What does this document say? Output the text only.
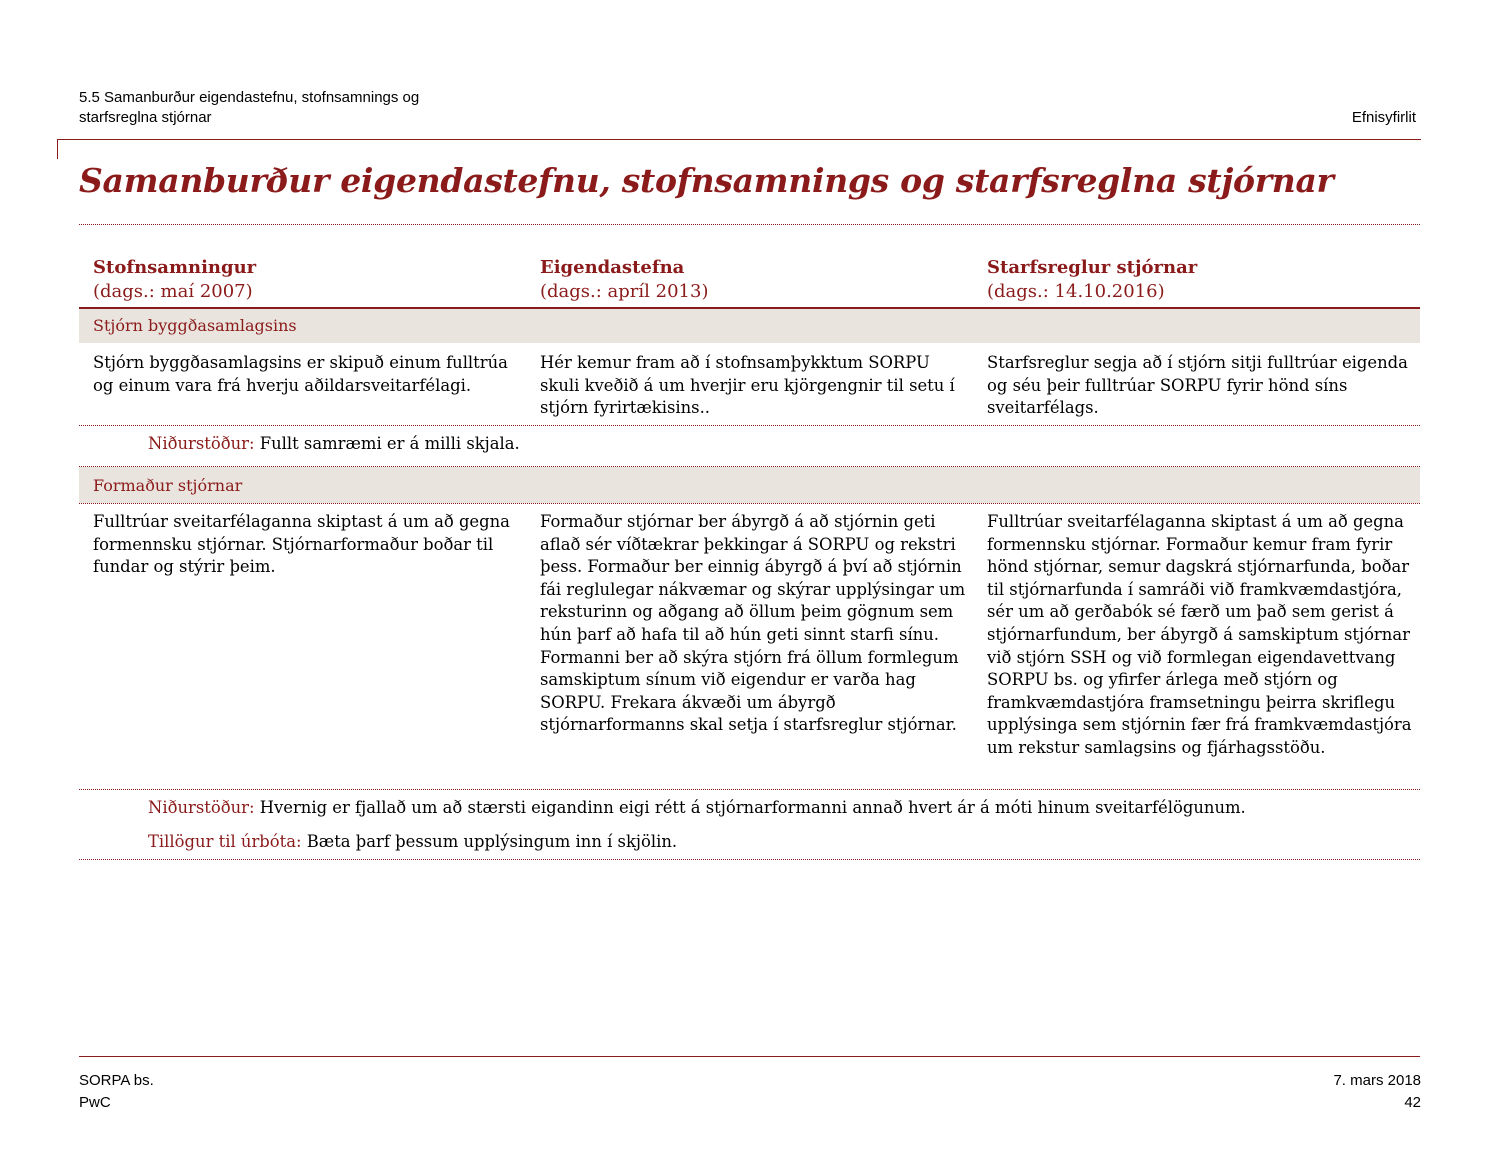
5.5 Samanburður eigendastefnu, stofnsamnings og
starfsreglna stjórnar	Efnisyfirlit
Samanburður eigendastefnu, stofnsamnings og starfsreglna stjórnar
Stofnsamningur
(dags.: maí 2007)
Eigendastefna
(dags.: apríl 2013)
Starfsreglur stjórnar
(dags.: 14.10.2016)
Stjórn byggðasamlagsins
Stjórn byggðasamlagsins er skipuð einum fulltrúa og einum vara frá hverju aðildarsveitarfélagi.
Hér kemur fram að í stofnsamþykktum SORPU skuli kveðið á um hverjir eru kjörgengnir til setu í stjórn fyrirtækisins..
Starfsreglur segja að í stjórn sitji fulltrúar eigenda og séu þeir fulltrúar SORPU fyrir hönd síns sveitarfélags.
Niðurstöður: Fullt samræmi er á milli skjala.
Formaður stjórnar
Fulltrúar sveitarfélaganna skiptast á um að gegna formennsku stjórnar. Stjórnarformaður boðar til fundar og stýrir þeim.
Formaður stjórnar ber ábyrgð á að stjórnin geti aflað sér víðtækrar þekkingar á SORPU og rekstri þess. Formaður ber einnig ábyrgð á því að stjórnin fái reglulegar nákvæmar og skýrar upplýsingar um reksturinn og aðgang að öllum þeim gögnum sem hún þarf að hafa til að hún geti sinnt starfi sínu. Formanni ber að skýra stjórn frá öllum formlegum samskiptum sínum við eigendur er varða hag SORPU. Frekara ákvæði um ábyrgð stjórnarformanns skal setja í starfsreglur stjórnar.
Fulltrúar sveitarfélaganna skiptast á um að gegna formennsku stjórnar. Formaður kemur fram fyrir hönd stjórnar, semur dagskrá stjórnarfunda, boðar til stjórnarfunda í samráði við framkvæmdastjóra, sér um að gerðabók sé færð um það sem gerist á stjórnarfundum, ber ábyrgð á samskiptum stjórnar við stjórn SSH og við formlegan eigendavettvang SORPU bs. og yfirfer árlega með stjórn og framkvæmdastjóra framsetningu þeirra skriflegu upplýsinga sem stjórnin fær frá framkvæmdastjóra um rekstur samlagsins og fjárhagsstöðu.
Niðurstöður: Hvernig er fjallað um að stærsti eigandinn eigi rétt á stjórnarformanni annað hvert ár á móti hinum sveitarfélögunum.
Tillögur til úrbóta: Bæta þarf þessum upplýsingum inn í skjölin.
SORPA bs.
PwC
7. mars 2018
42
